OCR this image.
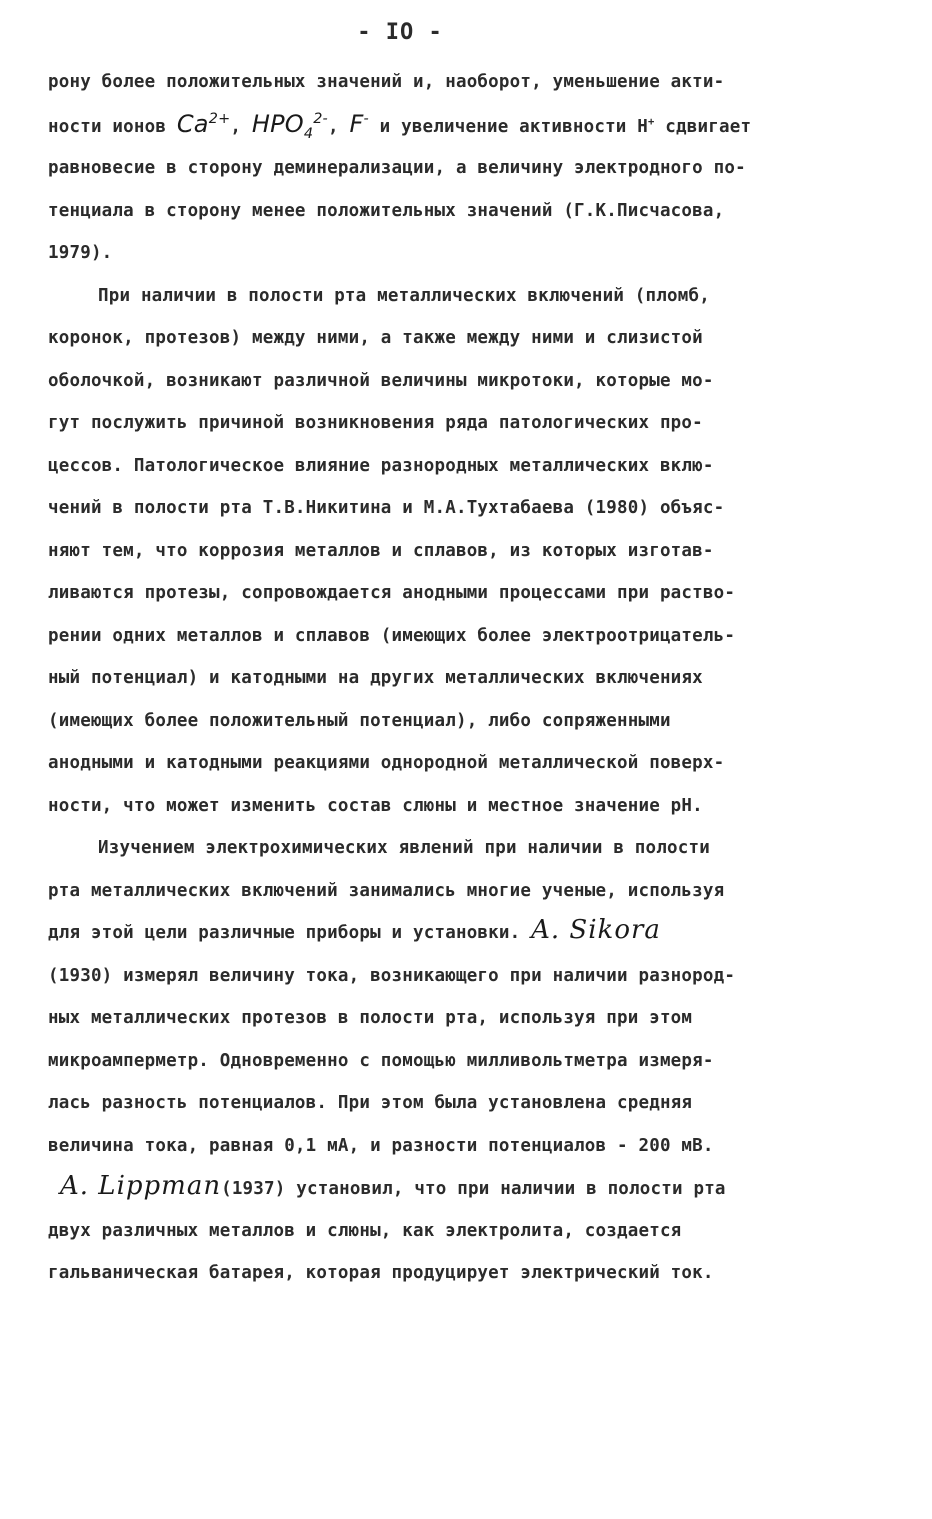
- IO -
рону более положительных значений и, наоборот, уменьшение акти-
ности ионов $Ca^{2+}$, $HPO_4^{2-}$, F- и увеличение активности H+ сдвигает
равновесие в сторону деминерализации, а величину электродного по-
тенциала в сторону менее положительных значений (Г.К.Писчасова,
1979).
При наличии в полости рта металлических включений (пломб,
коронок, протезов) между ними, а также между ними и слизистой
оболочкой, возникают различной величины микротоки, которые мо-
гут послужить причиной возникновения ряда патологических про-
цессов. Патологическое влияние разнородных металлических вклю-
чений в полости рта Т.В.Никитина и М.А.Тухтабаева (1980) объяс-
няют тем, что коррозия металлов и сплавов, из которых изготав-
ливаются протезы, сопровождается анодными процессами при раство-
рении одних металлов и сплавов (имеющих более электроотрицатель-
ный потенциал) и катодными на других металлических включениях
(имеющих более положительный потенциал), либо сопряженными
анодными и катодными реакциями однородной металлической поверх-
ности, что может изменить состав слюны и местное значение рН.
Изучением электрохимических явлений при наличии в полости
рта металлических включений занимались многие ученые, используя
для этой цели различные приборы и установки. A. Sikora
(1930) измерял величину тока, возникающего при наличии разнород-
ных металлических протезов в полости рта, используя при этом
микроамперметр. Одновременно с помощью милливольтметра измеря-
лась разность потенциалов. При этом была установлена средняя
величина тока, равная 0,1 мА, и разности потенциалов - 200 мВ.
A. Lippman(1937) установил, что при наличии в полости рта
двух различных металлов и слюны, как электролита, создается
гальваническая батарея, которая продуцирует электрический ток.
